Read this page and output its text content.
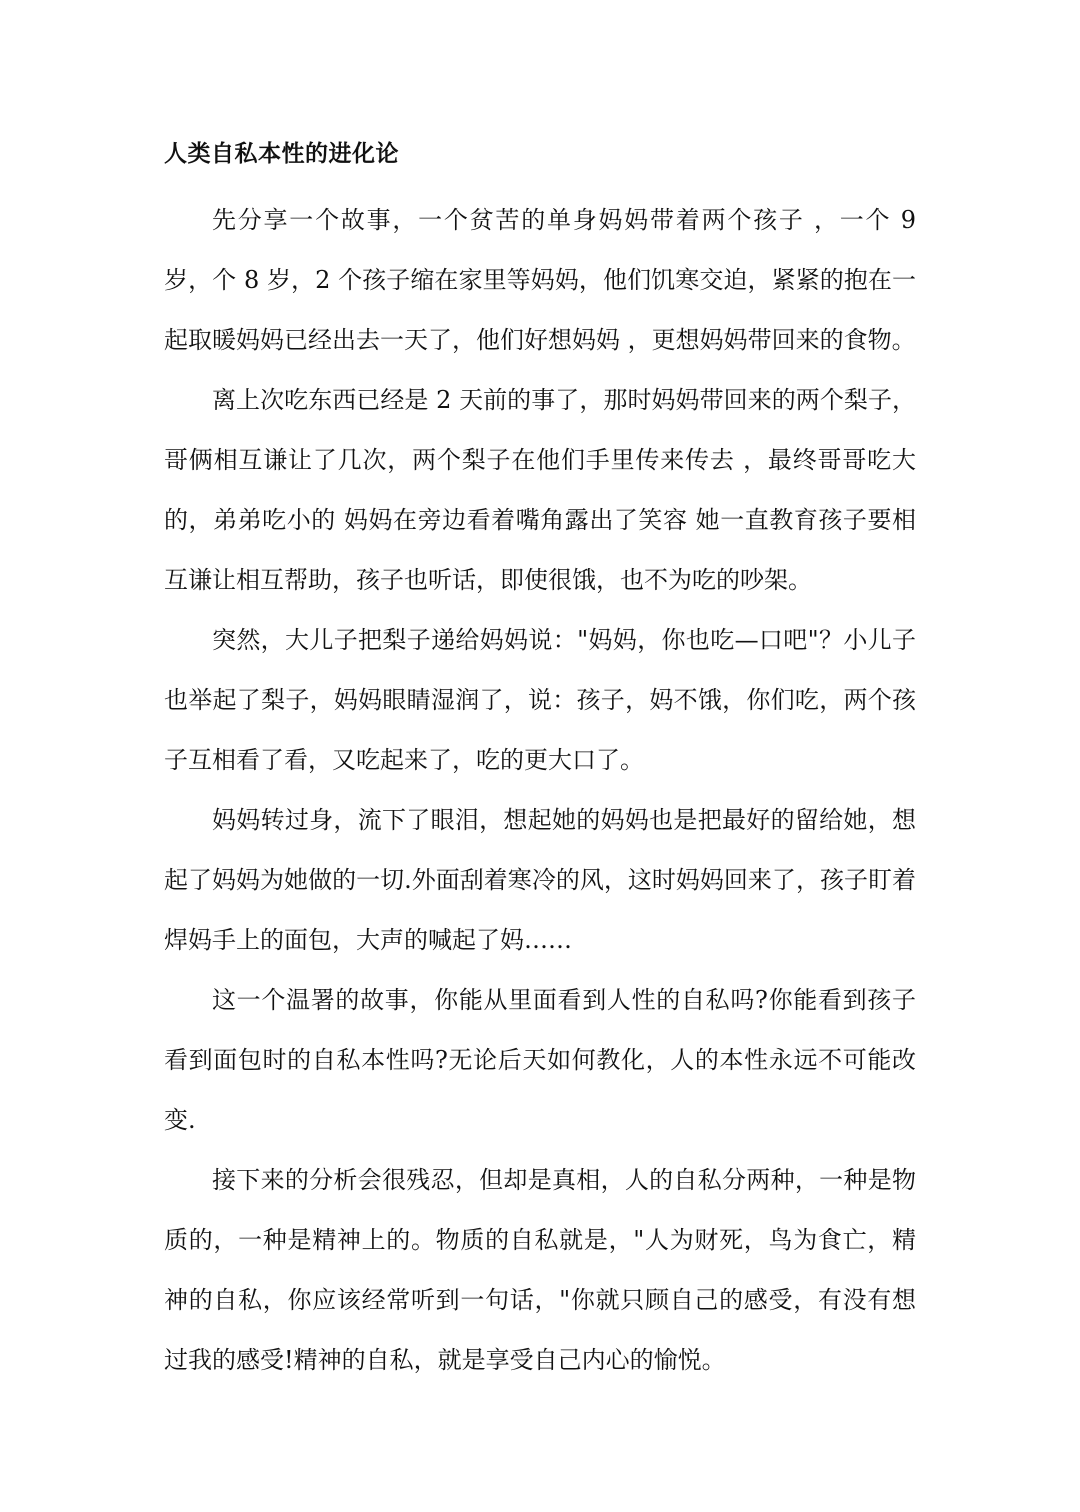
人类自私本性的进化论

先分享一个故事，一个贫苦的单身妈妈带着两个孩子 ，一个 9 岁，个 8 岁，2 个孩子缩在家里等妈妈，他们饥寒交迫，紧紧的抱在一起取暖妈妈已经出去一天了，他们好想妈妈 ，更想妈妈带回来的食物。

离上次吃东西已经是 2 天前的事了，那时妈妈带回来的两个梨子，哥俩相互谦让了几次，两个梨子在他们手里传来传去 ，最终哥哥吃大的，弟弟吃小的 妈妈在旁边看着嘴角露出了笑容 她一直教育孩子要相互谦让相互帮助，孩子也听话，即使很饿，也不为吃的吵架。

突然，大儿子把梨子递给妈妈说："妈妈，你也吃—口吧"？小儿子也举起了梨子，妈妈眼睛湿润了，说：孩子，妈不饿，你们吃，两个孩子互相看了看，又吃起来了，吃的更大口了。

妈妈转过身，流下了眼泪，想起她的妈妈也是把最好的留给她，想起了妈妈为她做的一切.外面刮着寒冷的风，这时妈妈回来了，孩子盯着焊妈手上的面包，大声的喊起了妈……

这一个温署的故事，你能从里面看到人性的自私吗?你能看到孩子看到面包时的自私本性吗?无论后天如何教化，人的本性永远不可能改变.

接下来的分析会很残忍，但却是真相，人的自私分两种，一种是物质的，一种是精神上的。物质的自私就是，"人为财死，鸟为食亡，精神的自私，你应该经常听到一句话，"你就只顾自己的感受，有没有想过我的感受!精神的自私，就是享受自己内心的愉悦。
